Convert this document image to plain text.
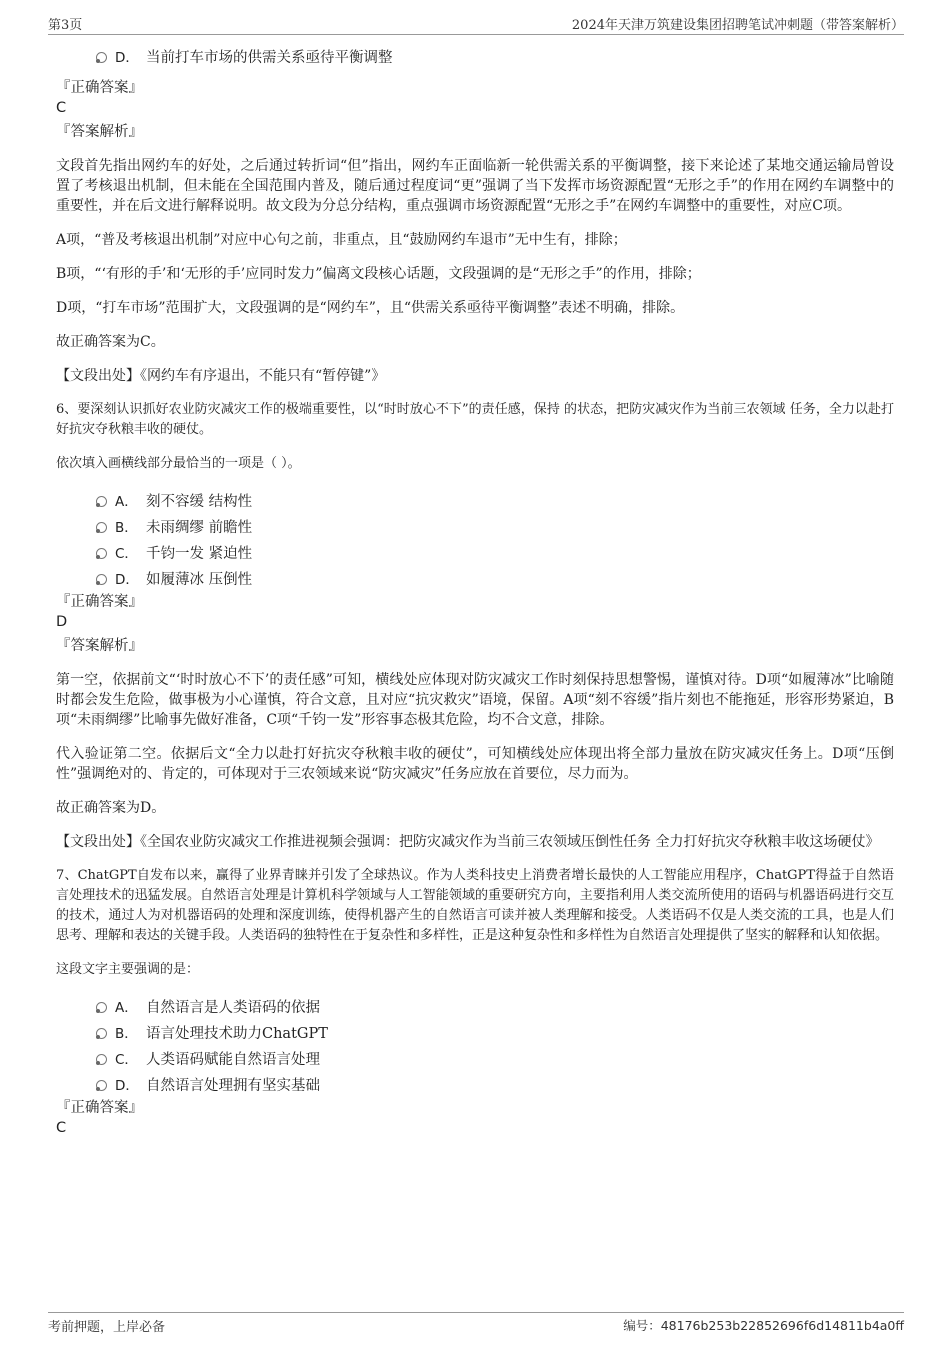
第3页	2024年天津万筑建设集团招聘笔试冲刺题（带答案解析）
D． 当前打车市场的供需关系亟待平衡调整

『正确答案』

C

『答案解析』

文段首先指出网约车的好处，之后通过转折词“但”指出，网约车正面临新一轮供需关系的平衡调整，接下来论述了某地交通运输局曾设置了考核退出机制，但未能在全国范围内普及，随后通过程度词“更”强调了当下发挥市场资源配置“无形之手”的作用在网约车调整中的重要性，并在后文进行解释说明。故文段为分总分结构，重点强调市场资源配置“无形之手”在网约车调整中的重要性，对应C项。

A项，“普及考核退出机制”对应中心句之前，非重点，且“鼓励网约车退市”无中生有，排除；

B项，“‘有形的手’和‘无形的手’应同时发力”偏离文段核心话题，文段强调的是“无形之手”的作用，排除；

D项，“打车市场”范围扩大，文段强调的是“网约车”，且“供需关系亟待平衡调整”表述不明确，排除。

故正确答案为C。

【文段出处】《网约车有序退出，不能只有“暂停键”》

6、要深刻认识抓好农业防灾减灾工作的极端重要性，以“时时放心不下”的责任感，保持 的状态，把防灾减灾作为当前三农领域 任务，全力以赴打好抗灾夺秋粮丰收的硬仗。

依次填入画横线部分最恰当的一项是（ ）。

A． 刻不容缓 结构性
B． 未雨绸缪 前瞻性
C． 千钧一发 紧迫性
D． 如履薄冰 压倒性

『正确答案』

D

『答案解析』

第一空，依据前文“‘时时放心不下’的责任感”可知，横线处应体现对防灾减灾工作时刻保持思想警惕，谨慎对待。D项“如履薄冰”比喻随时都会发生危险，做事极为小心谨慎，符合文意，且对应“抗灾救灾”语境，保留。A项“刻不容缓”指片刻也不能拖延，形容形势紧迫，B项“未雨绸缪”比喻事先做好准备，C项“千钧一发”形容事态极其危险，均不合文意，排除。

代入验证第二空。依据后文“全力以赴打好抗灾夺秋粮丰收的硬仗”，可知横线处应体现出将全部力量放在防灾减灾任务上。D项“压倒性”强调绝对的、肯定的，可体现对于三农领域来说“防灾减灾”任务应放在首要位，尽力而为。

故正确答案为D。

【文段出处】《全国农业防灾减灾工作推进视频会强调：把防灾减灾作为当前三农领域压倒性任务 全力打好抗灾夺秋粮丰收这场硬仗》

7、ChatGPT自发布以来，赢得了业界青睐并引发了全球热议。作为人类科技史上消费者增长最快的人工智能应用程序，ChatGPT得益于自然语言处理技术的迅猛发展。自然语言处理是计算机科学领域与人工智能领域的重要研究方向，主要指利用人类交流所使用的语码与机器语码进行交互的技术，通过人为对机器语码的处理和深度训练，使得机器产生的自然语言可读并被人类理解和接受。人类语码不仅是人类交流的工具，也是人们思考、理解和表达的关键手段。人类语码的独特性在于复杂性和多样性，正是这种复杂性和多样性为自然语言处理提供了坚实的解释和认知依据。

这段文字主要强调的是：

A． 自然语言是人类语码的依据
B． 语言处理技术助力ChatGPT
C． 人类语码赋能自然语言处理
D． 自然语言处理拥有坚实基础

『正确答案』

C

考前押题，上岸必备	编号：48176b253b22852696f6d14811b4a0ff
